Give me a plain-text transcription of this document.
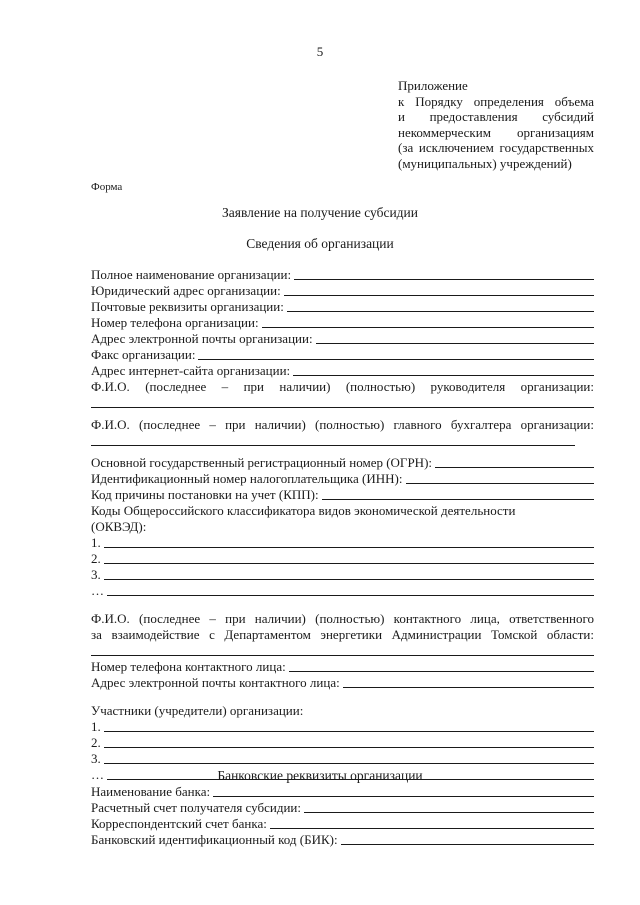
5
Приложение
к Порядку определения объема
и предоставления субсидий
некоммерческим организациям
(за исключением государственных
(муниципальных) учреждений)
Форма
Заявление на получение субсидии
Сведения об организации
Полное наименование организации:
Юридический адрес организации:
Почтовые реквизиты организации:
Номер телефона организации:
Адрес электронной почты организации:
Факс организации:
Адрес интернет-сайта организации:
Ф.И.О. (последнее – при наличии) (полностью) руководителя организации:
Ф.И.О. (последнее – при наличии) (полностью) главного бухгалтера организации:
Основной государственный регистрационный номер (ОГРН):
Идентификационный номер налогоплательщика (ИНН):
Код причины постановки на учет (КПП):
Коды Общероссийского классификатора видов экономической деятельности
(ОКВЭД):
1.
2.
3.
…
Ф.И.О. (последнее – при наличии) (полностью) контактного лица, ответственного
за взаимодействие с Департаментом энергетики Администрации Томской области:
Номер телефона контактного лица:
Адрес электронной почты контактного лица:
Участники (учредители) организации:
1.
2.
3.
…	Банковские реквизиты организации
Наименование банка:
Расчетный счет получателя субсидии:
Корреспондентский счет банка:
Банковский идентификационный код (БИК):
